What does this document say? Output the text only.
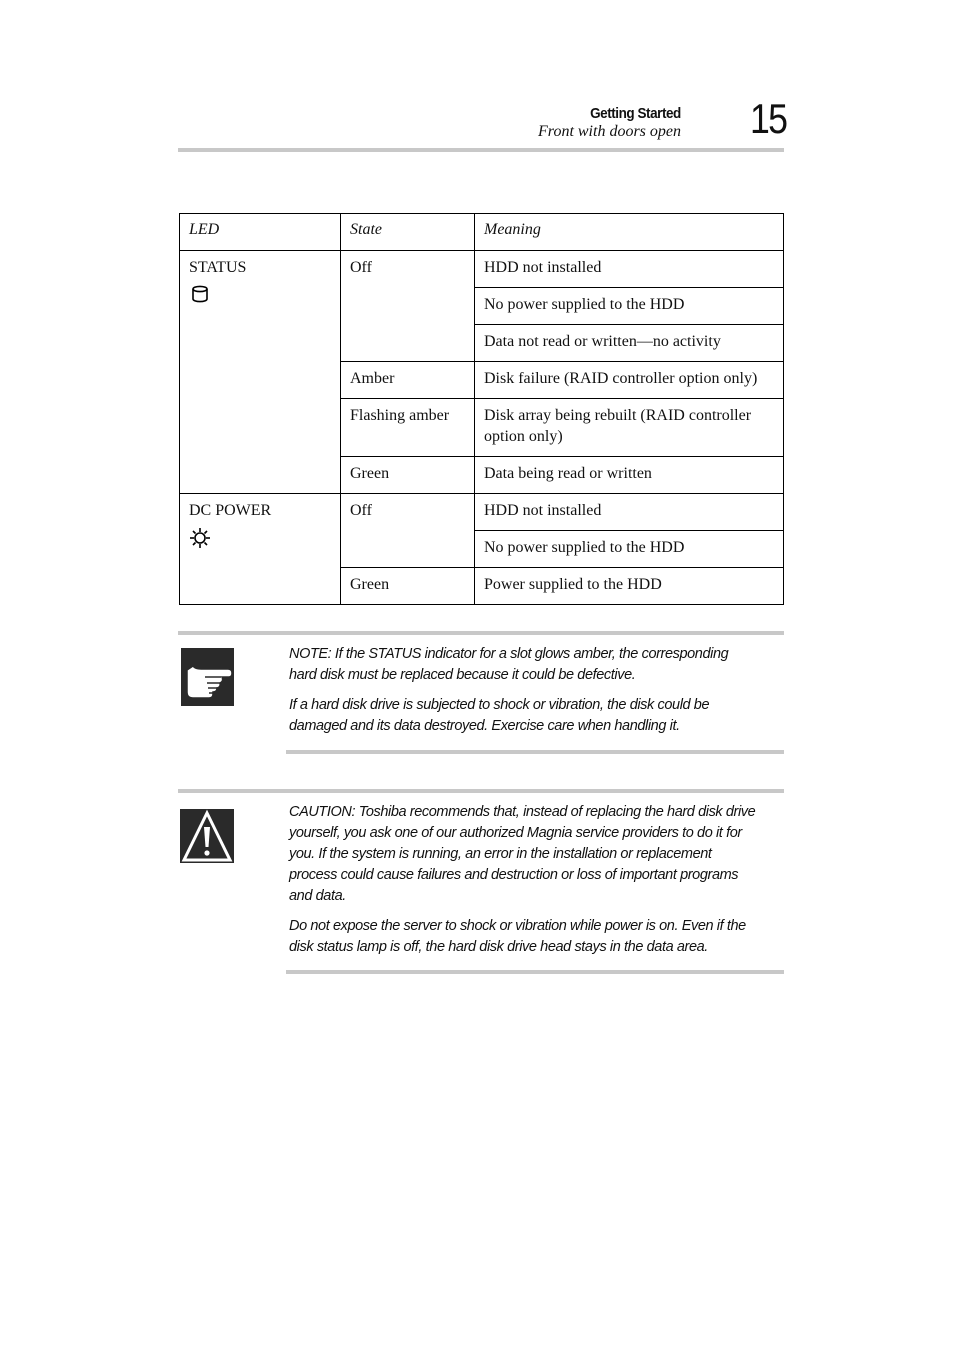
Getting Started
Front with doors open 15
LED	State	Meaning
STATUS	Off	HDD not installed
		No power supplied to the HDD
		Data not read or written—no activity
	Amber	Disk failure (RAID controller option only)
	Flashing amber	Disk array being rebuilt (RAID controller option only)
	Green	Data being read or written
DC POWER	Off	HDD not installed
		No power supplied to the HDD
	Green	Power supplied to the HDD

NOTE: If the STATUS indicator for a slot glows amber, the corresponding hard disk must be replaced because it could be defective.

If a hard disk drive is subjected to shock or vibration, the disk could be damaged and its data destroyed. Exercise care when handling it.

CAUTION: Toshiba recommends that, instead of replacing the hard disk drive yourself, you ask one of our authorized Magnia service providers to do it for you. If the system is running, an error in the installation or replacement process could cause failures and destruction or loss of important programs and data.

Do not expose the server to shock or vibration while power is on. Even if the disk status lamp is off, the hard disk drive head stays in the data area.
